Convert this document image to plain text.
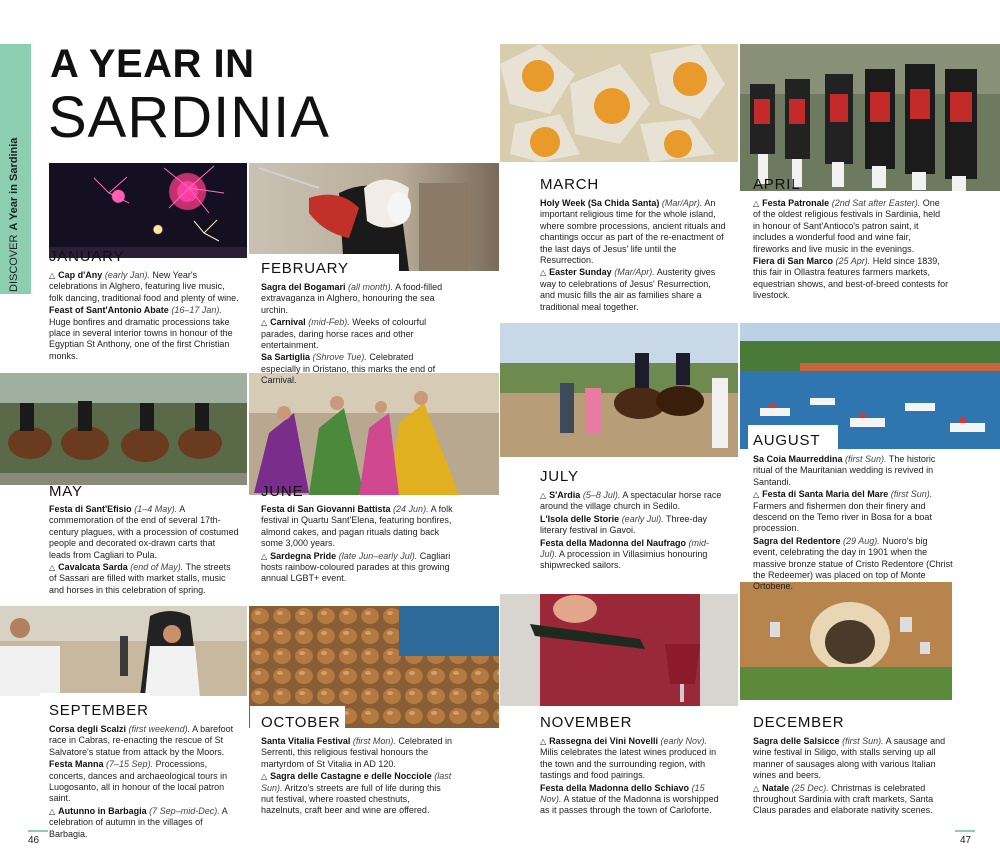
DISCOVERA Year in Sardinia
A YEAR IN
SARDINIA
JANUARY
FEBRUARY
MARCH	APRIL
MAY	JUNE
JULY
AUGUST
SEPTEMBER
OCTOBER	NOVEMBER	DECEMBER

△ Cap d'Any (early Jan). New Year's celebrations in Alghero, featuring live music, folk dancing, traditional food and plenty of wine.

Feast of Sant'Antonio Abate (16–17 Jan). Huge bonfires and dramatic processions take place in several interior towns in honour of the Egyptian St Anthony, one of the first Christian monks.

Sagra del Bogamari (all month). A food-filled extravaganza in Alghero, honouring the sea urchin.

△ Carnival (mid-Feb). Weeks of colourful parades, daring horse races and other entertainment.

Sa Sartiglia (Shrove Tue). Celebrated especially in Oristano, this marks the end of Carnival.

Holy Week (Sa Chida Santa) (Mar/Apr). An important religious time for the whole island, where sombre processions, ancient rituals and chantings occur as part of the re-enactment of the last days of Jesus' life until the Resurrection.

△ Easter Sunday (Mar/Apr). Austerity gives way to celebrations of Jesus' Resurrection, and music fills the air as families share a traditional meal together.

△ Festa Patronale (2nd Sat after Easter). One of the oldest religious festivals in Sardinia, held in honour of Sant'Antioco's patron saint, it includes a wonderful food and wine fair, fireworks and live music in the evenings.

Fiera di San Marco (25 Apr). Held since 1839, this fair in Ollastra features farmers markets, equestrian shows, and best-of-breed contests for livestock.

Festa di Sant'Efisio (1–4 May). A commemoration of the end of several 17th-century plagues, with a procession of costumed people and decorated ox-drawn carts that leads from Cagliari to Pula.

△ Cavalcata Sarda (end of May). The streets of Sassari are filled with market stalls, music and horses in this celebration of spring.

Festa di San Giovanni Battista (24 Jun). A folk festival in Quartu Sant'Elena, featuring bonfires, almond cakes, and pagan rituals dating back some 3,000 years.

△ Sardegna Pride (late Jun–early Jul). Cagliari hosts rainbow-coloured parades at this growing annual LGBT+ event.

△ S'Ardia (5–8 Jul). A spectacular horse race around the village church in Sedilo.

L'Isola delle Storie (early Jul). Three-day literary festival in Gavoi.

Festa della Madonna del Naufrago (mid-Jul). A procession in Villasimius honouring shipwrecked sailors.

Sa Coia Maurreddina (first Sun). The historic ritual of the Mauritanian wedding is revived in Santandi.

△ Festa di Santa Maria del Mare (first Sun). Farmers and fishermen don their finery and descend on the Temo river in Bosa for a boat procession.

Sagra del Redentore (29 Aug). Nuoro's big event, celebrating the day in 1901 when the massive bronze statue of Cristo Redentore (Christ the Redeemer) was placed on top of Monte Ortobene.

Corsa degli Scalzi (first weekend). A barefoot race in Cabras, re-enacting the rescue of St Salvatore's statue from attack by the Moors.

Festa Manna (7–15 Sep). Processions, concerts, dances and archaeological tours in Luogosanto, all in honour of the local patron saint.

△ Autunno in Barbagia (7 Sep–mid-Dec). A celebration of autumn in the villages of Barbagia.

Santa Vitalia Festival (first Mon). Celebrated in Serrenti, this religious festival honours the martyrdom of St Vitalia in AD 120.

△ Sagra delle Castagne e delle Nocciole (last Sun). Aritzo's streets are full of life during this nut festival, where roasted chestnuts, hazelnuts, craft beer and wine are offered.

△ Rassegna dei Vini Novelli (early Nov). Milis celebrates the latest wines produced in the town and the surrounding region, with tastings and food pairings.

Festa della Madonna dello Schiavo (15 Nov). A statue of the Madonna is worshipped as it passes through the town of Carloforte.

Sagra delle Salsicce (first Sun). A sausage and wine festival in Siligo, with stalls serving up all manner of sausages along with various Italian wines and beers.

△ Natale (25 Dec). Christmas is celebrated throughout Sardinia with craft markets, Santa Claus parades and elaborate nativity scenes.

46	47
